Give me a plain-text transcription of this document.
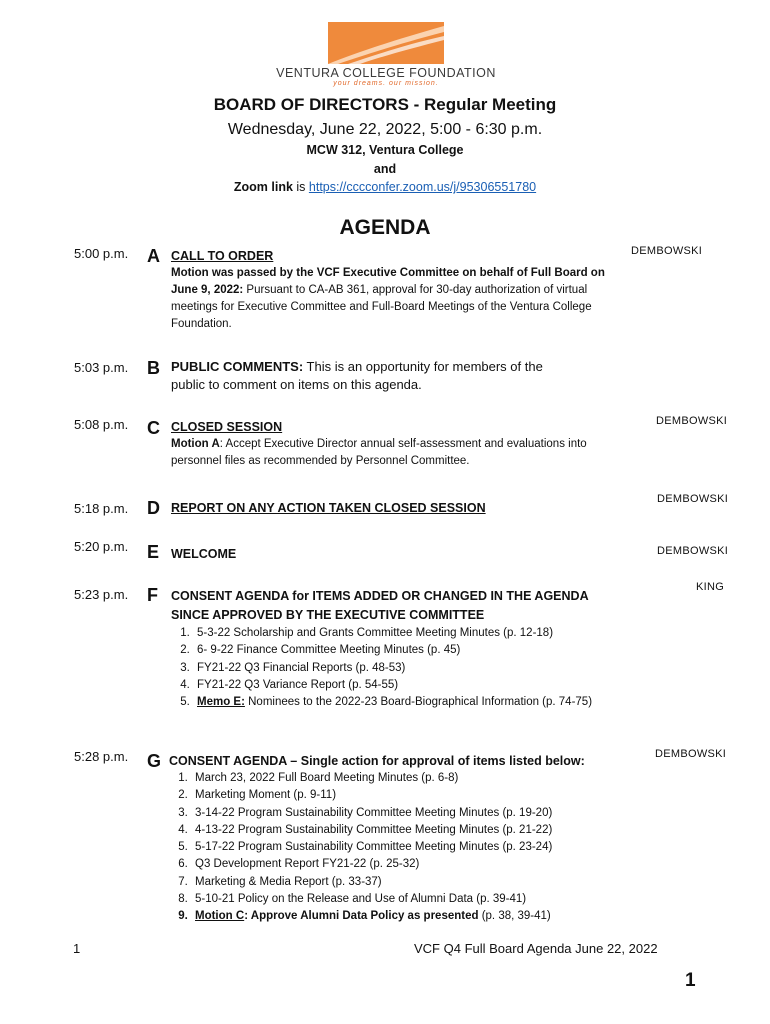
VENTURA COLLEGE FOUNDATION
your dreams. our mission.
BOARD OF DIRECTORS - Regular Meeting
Wednesday, June 22, 2022, 5:00 - 6:30 p.m.
MCW 312, Ventura College
and
Zoom link is https://cccconfer.zoom.us/j/95306551780
AGENDA
5:00 p.m. A CALL TO ORDER
Motion was passed by the VCF Executive Committee on behalf of Full Board on June 9, 2022: Pursuant to CA-AB 361, approval for 30-day authorization of virtual meetings for Executive Committee and Full-Board Meetings of the Ventura College Foundation.
DEMBOWSKI
5:03 p.m. B PUBLIC COMMENTS: This is an opportunity for members of the public to comment on items on this agenda.
5:08 p.m. C CLOSED SESSION
Motion A: Accept Executive Director annual self-assessment and evaluations into personnel files as recommended by Personnel Committee.
DEMBOWSKI
5:18 p.m. D REPORT ON ANY ACTION TAKEN CLOSED SESSION
DEMBOWSKI
5:20 p.m. E WELCOME	DEMBOWSKI
5:23 p.m. F CONSENT AGENDA for ITEMS ADDED OR CHANGED IN THE AGENDA SINCE APPROVED BY THE EXECUTIVE COMMITTEE
1. 5-3-22 Scholarship and Grants Committee Meeting Minutes (p. 12-18)
2. 6- 9-22 Finance Committee Meeting Minutes (p. 45)
3. FY21-22 Q3 Financial Reports (p. 48-53)
4. FY21-22 Q3 Variance Report (p. 54-55)
5. Memo E: Nominees to the 2022-23 Board-Biographical Information (p. 74-75)
KING
5:28 p.m. G CONSENT AGENDA – Single action for approval of items listed below:
1. March 23, 2022 Full Board Meeting Minutes (p. 6-8)
2. Marketing Moment (p. 9-11)
3. 3-14-22 Program Sustainability Committee Meeting Minutes (p. 19-20)
4. 4-13-22 Program Sustainability Committee Meeting Minutes (p. 21-22)
5. 5-17-22 Program Sustainability Committee Meeting Minutes (p. 23-24)
6. Q3 Development Report FY21-22 (p. 25-32)
7. Marketing & Media Report (p. 33-37)
8. 5-10-21 Policy on the Release and Use of Alumni Data (p. 39-41)
9. Motion C: Approve Alumni Data Policy as presented (p. 38, 39-41)
DEMBOWSKI
1	VCF Q4 Full Board Agenda June 22, 2022
1
